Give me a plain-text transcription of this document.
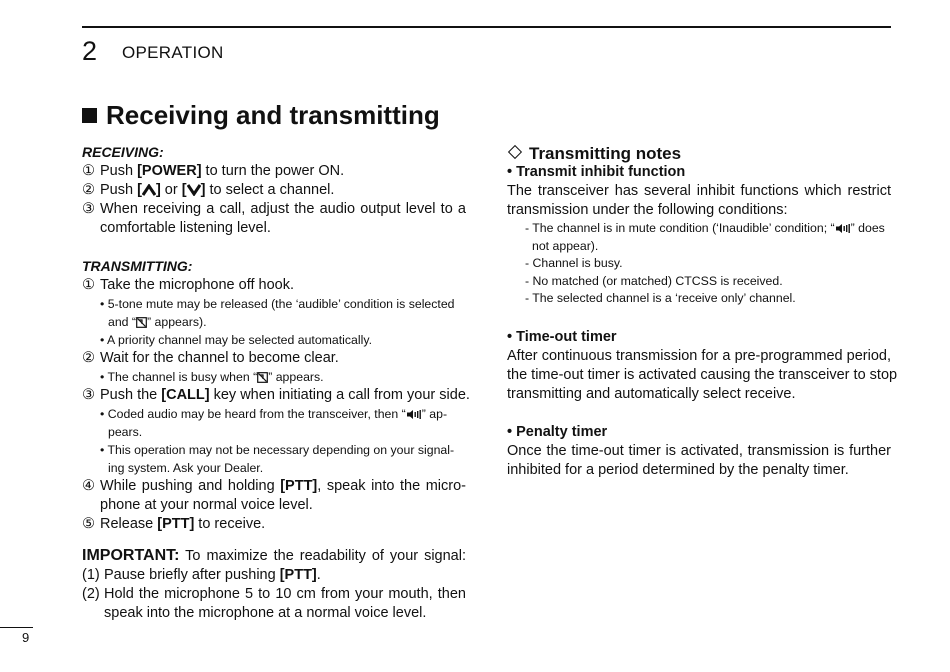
2 OPERATION
Receiving and transmitting
RECEIVING:
① Push [POWER] to turn the power ON.
② Push [ ] or [ ] to select a channel.
③ When receiving a call, adjust the audio output level to a
comfortable listening level.
TRANSMITTING:
① Take the microphone off hook.
• 5-tone mute may be released (the ‘audible’ condition is selected
and “ ” appears).
• A priority channel may be selected automatically.
② Wait for the channel to become clear.
• The channel is busy when “ ” appears.
③ Push the [CALL] key when initiating a call from your side.
• Coded audio may be heard from the transceiver, then “ ” ap-
pears.
• This operation may not be necessary depending on your signal-
ing system. Ask your Dealer.
④ While pushing and holding [PTT], speak into the micro-
phone at your normal voice level.
⑤ Release [PTT] to receive.
IMPORTANT: To maximize the readability of your signal:
(1) Pause briefly after pushing [PTT].
(2) Hold the microphone 5 to 10 cm from your mouth, then
speak into the microphone at a normal voice level.
Transmitting notes
• Transmit inhibit function
The transceiver has several inhibit functions which restrict
transmission under the following conditions:
- The channel is in mute condition (‘Inaudible’ condition; “ ” does
not appear).
- Channel is busy.
- No matched (or matched) CTCSS is received.
- The selected channel is a ‘receive only’ channel.
• Time-out timer
After continuous transmission for a pre-programmed period,
the time-out timer is activated causing the transceiver to stop
transmitting and automatically select receive.
• Penalty timer
Once the time-out timer is activated, transmission is further
inhibited for a period determined by the penalty timer.
9
